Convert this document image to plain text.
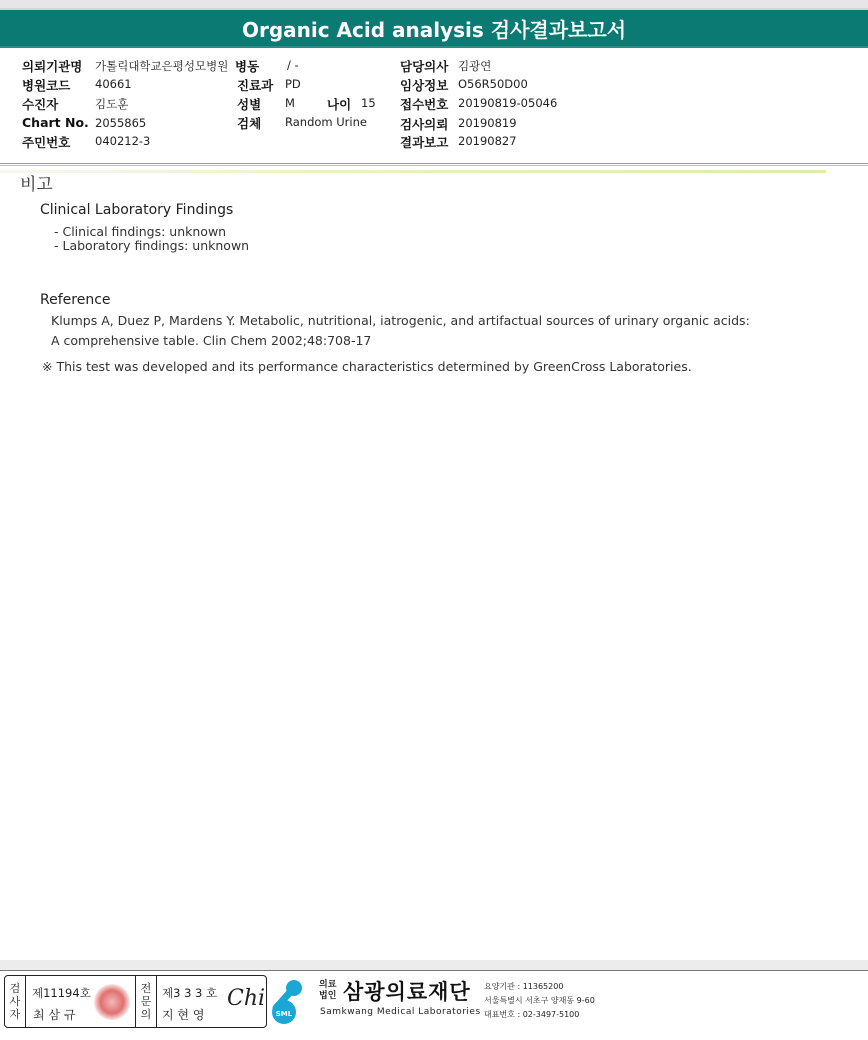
Organic Acid analysis 검사결과보고서
의뢰기관명 가톨릭대학교은평성모병원 병동 / -	담당의사 김광연
병원코드 40661	진료과 PD	임상정보 O56R50D00
수진자	김도훈	성별 M	나이 15 접수번호 20190819-05046
Chart No. 2055865	검체 Random Urine	검사의뢰 20190819
주민번호 040212-3	결과보고 20190827
비고
Clinical Laboratory Findings
- Clinical findings: unknown
- Laboratory findings: unknown
Reference
Klumps A, Duez P, Mardens Y. Metabolic, nutritional, iatrogenic, and artifactual sources of urinary organic acids:
A comprehensive table. Clin Chem 2002;48:708-17
※ This test was developed and its performance characteristics determined by GreenCross Laboratories.
검사자
제11194호
최 삼 규
전문의
제3 3 3 호
지 현 영
Chi
SML
의료
법인 삼광의료재단
Samkwang Medical Laboratories
요양기관 : 11365200
서울특별시 서초구 양재동 9-60
대표번호 : 02-3497-5100
